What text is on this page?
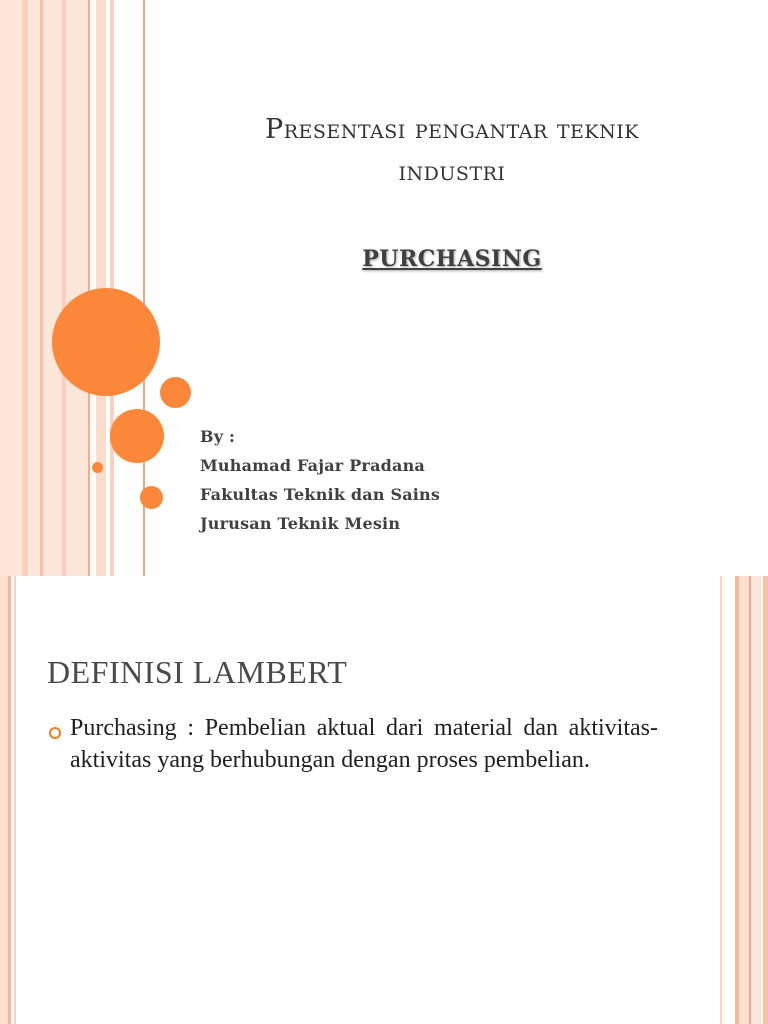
Presentasi pengantar teknik
industri
PURCHASING
By :
Muhamad Fajar Pradana
Fakultas Teknik dan Sains
Jurusan Teknik Mesin
DEFINISI LAMBERT
Purchasing : Pembelian aktual dari material dan aktivitas-aktivitas yang berhubungan dengan proses pembelian.
